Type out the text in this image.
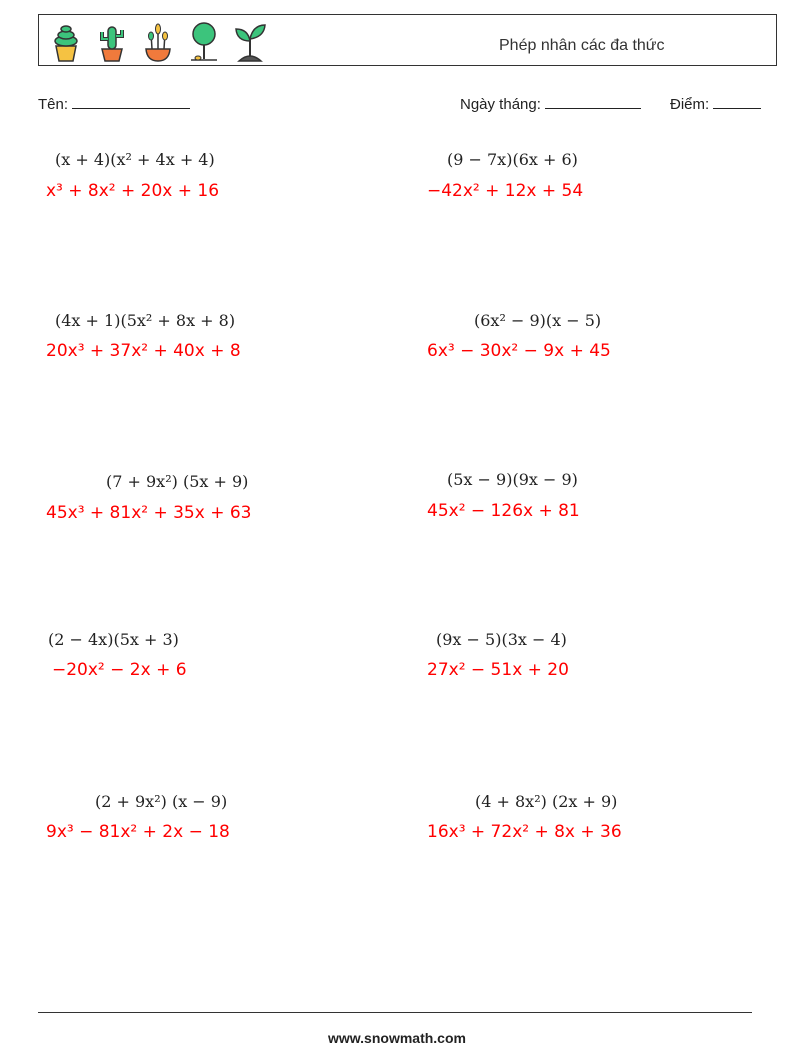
Phép nhân các đa thức
Tên:	Ngày tháng:	Điểm:
(x + 4)(x² + 4x + 4)
x³ + 8x² + 20x + 16
(9 − 7x)(6x + 6)
−42x² + 12x + 54
(4x + 1)(5x² + 8x + 8)
20x³ + 37x² + 40x + 8
(6x² − 9)(x − 5)
6x³ − 30x² − 9x + 45
(7 + 9x²) (5x + 9)
45x³ + 81x² + 35x + 63
(5x − 9)(9x − 9)
45x² − 126x + 81
(2 − 4x)(5x + 3)
−20x² − 2x + 6
(9x − 5)(3x − 4)
27x² − 51x + 20
(2 + 9x²) (x − 9)
9x³ − 81x² + 2x − 18
(4 + 8x²) (2x + 9)
16x³ + 72x² + 8x + 36
www.snowmath.com
